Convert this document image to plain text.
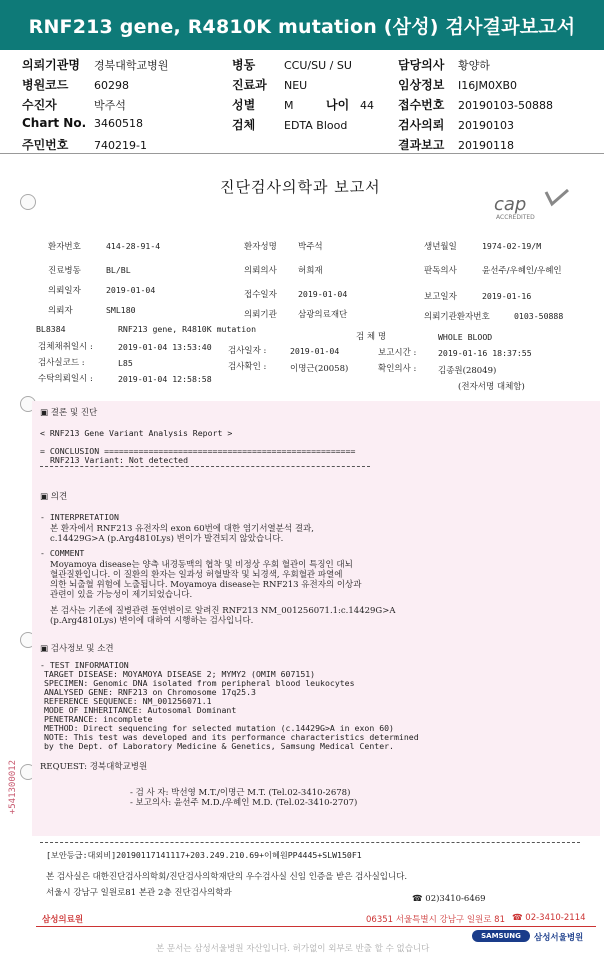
RNF213 gene, R4810K mutation (삼성) 검사결과보고서
의뢰기관명 경북대학교병원	병동	CCU/SU / SU	담당의사 황양하
병원코드 60298	진료과 NEU	임상정보 I16JM0XB0
수진자	박주석	성별	M	나이 44 접수번호 20190103-50888
Chart No. 3460518	검체	EDTA Blood	검사의뢰 20190103
주민번호 740219-1	결과보고 20190118
진단검사의학과 보고서
cap
ACCREDITED
환자번호	414-28-91-4	환자성명 박주석	생년월일	1974-02-19/M
진료병동	BL/BL	의뢰의사 허희재	판독의사	윤선주/우혜인/우혜인
의뢰일자	2019-01-04	접수일자	2019-01-04	보고일자	2019-01-16
의뢰자	SML180	의뢰기관 삼광의료재단	의뢰기관환자번호	0103-50888
BL8384	RNF213 gene, R4810K mutation
검 체 명	WHOLE BLOOD
검체채취일시 :	2019-01-04 13:53:40 검사일자 :	2019-01-04	보고시간 :	2019-01-16 18:37:55
검사실코드 :	L85	검사확인 :	이명근(20058)	확인의사 :	김종원(28049)
수탁의뢰일시 :	2019-01-04 12:58:58
(전자서명 대체함)
▣ 결론 및 진단
< RNF213 Gene Variant Analysis Report >
= CONCLUSION ===================================================
RNF213 Variant: Not detected
▣ 의견
- INTERPRETATION
본 환자에서 RNF213 유전자의 exon 60번에 대한 염기서열분석 결과,
c.14429G>A (p.Arg4810Lys) 변이가 발견되지 않았습니다.
- COMMENT
Moyamoya disease는 양측 내경동맥의 협착 및 비정상 우회 혈관이 특징인 대뇌
혈관질환입니다. 이 질환의 환자는 일과성 허혈발작 및 뇌경색, 우회혈관 파열에
의한 뇌출혈 위험에 노출됩니다. Moyamoya disease는 RNF213 유전자의 이상과
관련이 있을 가능성이 제기되었습니다.
본 검사는 기존에 질병관련 돌연변이로 알려진 RNF213 NM_001256071.1:c.14429G>A
(p.Arg4810Lys) 변이에 대하여 시행하는 검사입니다.
▣ 검사정보 및 소견
- TEST INFORMATION
TARGET DISEASE: MOYAMOYA DISEASE 2; MYMY2 (OMIM 607151)
SPECIMEN: Genomic DNA isolated from peripheral blood leukocytes
ANALYSED GENE: RNF213 on Chromosome 17q25.3
REFERENCE SEQUENCE: NM_001256071.1
MODE OF INHERITANCE: Autosomal Dominant
PENETRANCE: incomplete
METHOD: Direct sequencing for selected mutation (c.14429G>A in exon 60)
NOTE: This test was developed and its performance characteristics determined
by the Dept. of Laboratory Medicine & Genetics, Samsung Medical Center.
REQUEST: 경북대학교병원
- 검 사 자: 박선영 M.T./이명근 M.T. (Tel.02-3410-2678)
- 보고의사: 윤선주 M.D./우혜인 M.D. (Tel.02-3410-2707)
+541300012
[보안등급:대외비]20190117141117+203.249.210.69+이혜원PP4445+SLW150F1
본 검사실은 대한진단검사의학회/진단검사의학재단의 우수검사실 신임 인증을 받은 검사실입니다.
서울시 강남구 일원로81 본관 2층 진단검사의학과
☎ 02)3410-6469
삼성의료원	06351 서울특별시 강남구 일원로 81 ☎ 02-3410-2114
SAMSUNG	삼성서울병원
본 문서는 삼성서울병원 자산입니다. 허가없이 외부로 반출 할 수 없습니다
